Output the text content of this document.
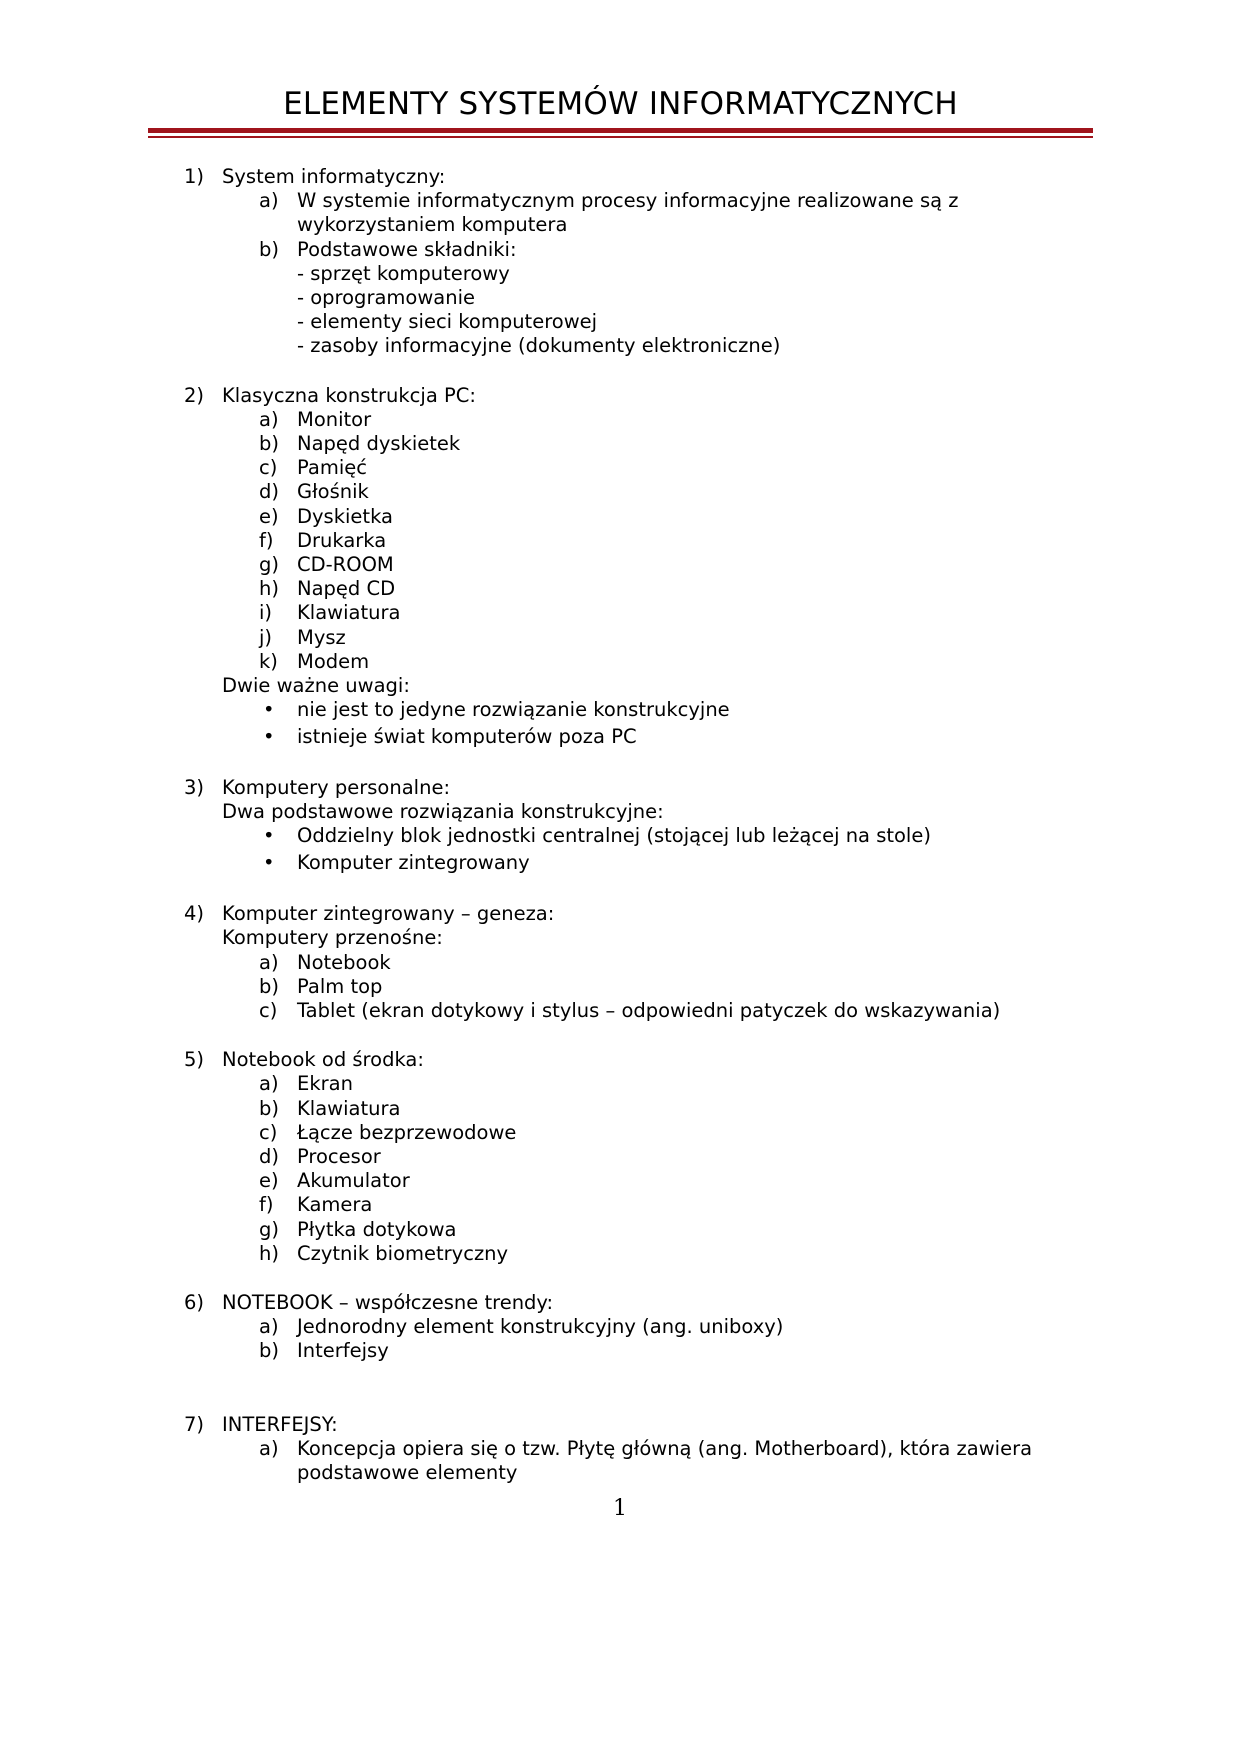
ELEMENTY SYSTEMÓW INFORMATYCZNYCH
1) System informatyczny:
a) W systemie informatycznym procesy informacyjne realizowane są z
wykorzystaniem komputera
b) Podstawowe składniki:
- sprzęt komputerowy
- oprogramowanie
- elementy sieci komputerowej
- zasoby informacyjne (dokumenty elektroniczne)
2) Klasyczna konstrukcja PC:
a) Monitor
b) Napęd dyskietek
c) Pamięć
d) Głośnik
e) Dyskietka
f) Drukarka
g) CD-ROOM
h) Napęd CD
i) Klawiatura
j) Mysz
k) Modem
Dwie ważne uwagi:
• nie jest to jedyne rozwiązanie konstrukcyjne
• istnieje świat komputerów poza PC
3) Komputery personalne:
Dwa podstawowe rozwiązania konstrukcyjne:
• Oddzielny blok jednostki centralnej (stojącej lub leżącej na stole)
• Komputer zintegrowany
4) Komputer zintegrowany – geneza:
Komputery przenośne:
a) Notebook
b) Palm top
c) Tablet (ekran dotykowy i stylus – odpowiedni patyczek do wskazywania)
5) Notebook od środka:
a) Ekran
b) Klawiatura
c) Łącze bezprzewodowe
d) Procesor
e) Akumulator
f) Kamera
g) Płytka dotykowa
h) Czytnik biometryczny
6) NOTEBOOK – współczesne trendy:
a) Jednorodny element konstrukcyjny (ang. uniboxy)
b) Interfejsy
7) INTERFEJSY:
a) Koncepcja opiera się o tzw. Płytę główną (ang. Motherboard), która zawiera
podstawowe elementy
1
